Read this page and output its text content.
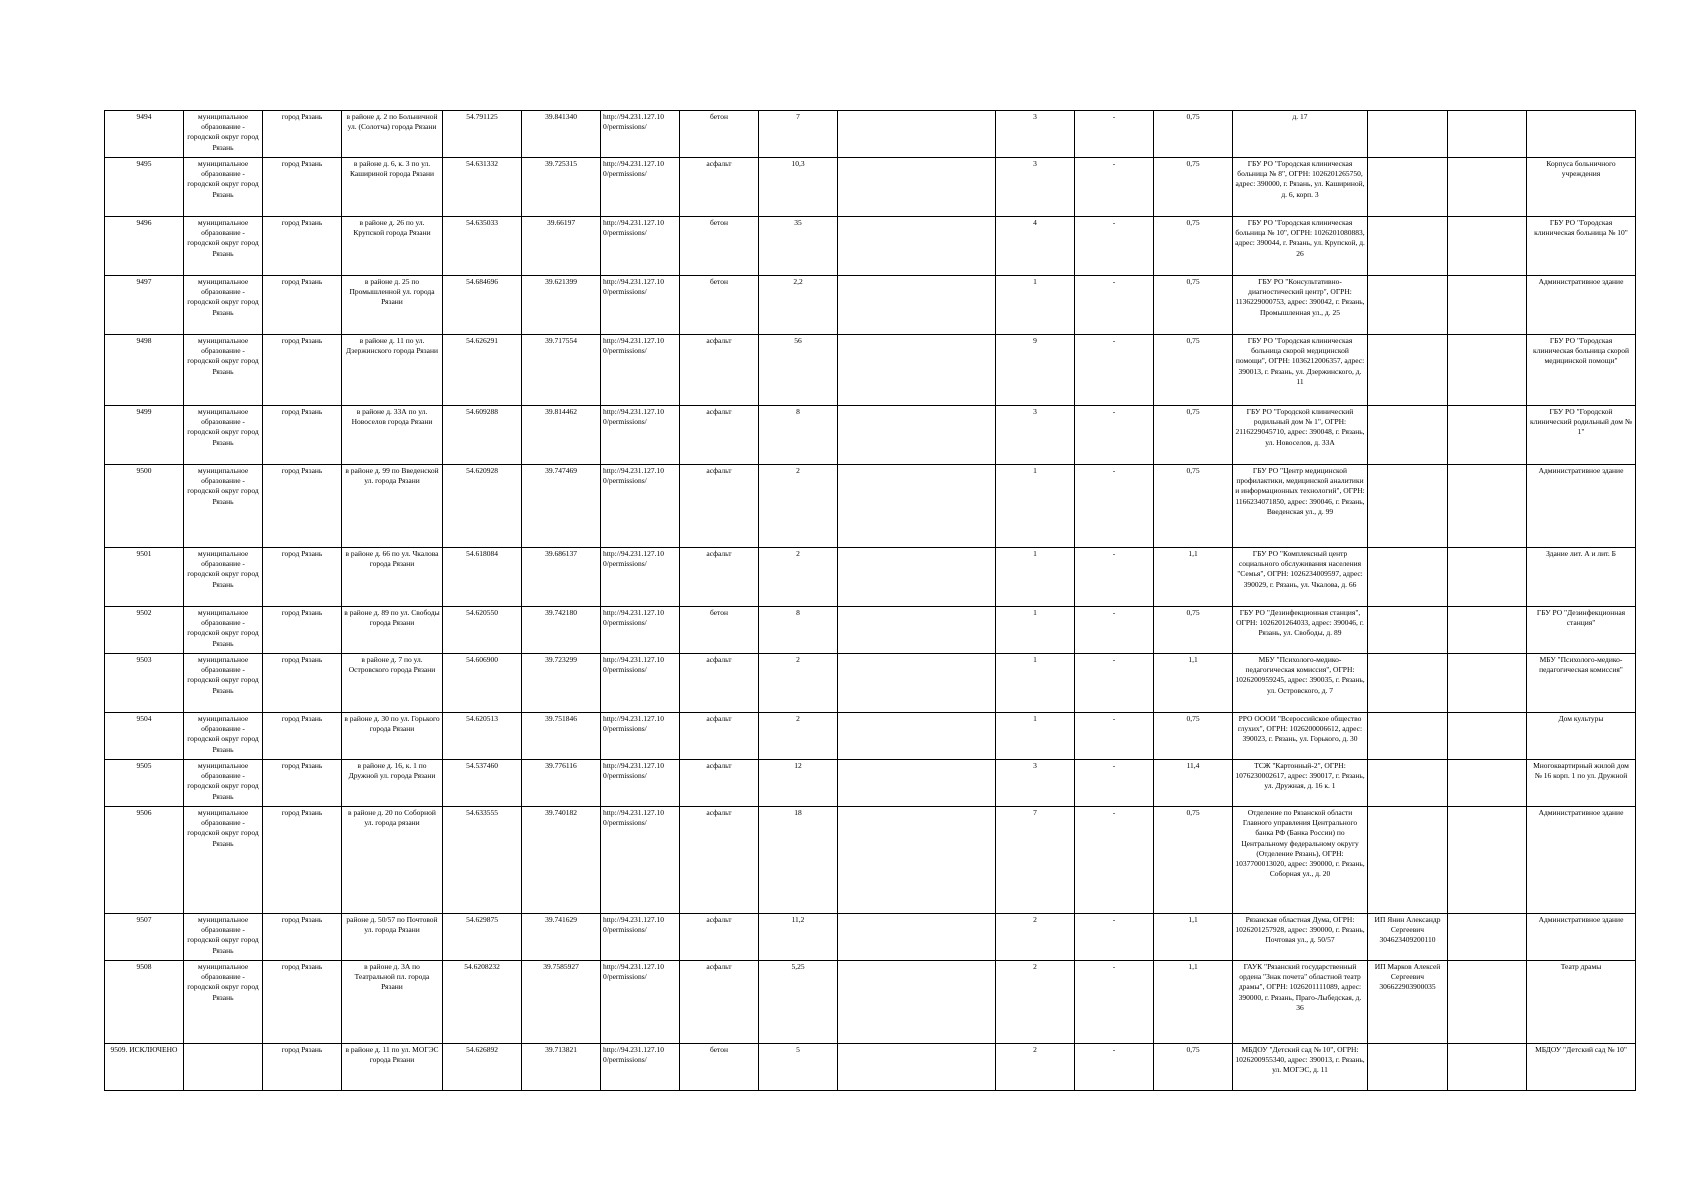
9494	муниципальное образование - городской округ город Рязань	город Рязань	в районе д. 2 по Больничной ул. (Солотча) города Рязани	54.791125	39.841340	http://94.231.127.10 0/permissions/	бетон	7		3	-	0,75	д. 17			
9495	муниципальное образование - городской округ город Рязань	город Рязань	в районе д. 6, к. 3 по ул. Кашириной города Рязани	54.631332	39.725315	http://94.231.127.10 0/permissions/	асфальт	10,3		3	-	0,75	ГБУ РО "Городская клиническая больница № 8", ОГРН: 1026201265750, адрес: 390000, г. Рязань, ул. Кашириной, д. 6, корп. 3			Корпуса больничного учреждения
9496	муниципальное образование - городской округ город Рязань	город Рязань	в районе д. 26 по ул. Крупской города Рязани	54.635033	39.66197	http://94.231.127.10 0/permissions/	бетон	35		4	-	0,75	ГБУ РО "Городская клиническая больница № 10", ОГРН: 1026201080883, адрес: 390044, г. Рязань, ул. Крупской, д. 26			ГБУ РО "Городская клиническая больница № 10"
9497	муниципальное образование - городской округ город Рязань	город Рязань	в районе д. 25 по Промышленной ул. города Рязани	54.684696	39.621399	http://94.231.127.10 0/permissions/	бетон	2,2		1	-	0,75	ГБУ РО "Консультативно-диагностический центр", ОГРН: 1136229000753, адрес: 390042, г. Рязань, Промышленная ул., д. 25			Административное здание
9498	муниципальное образование - городской округ город Рязань	город Рязань	в районе д. 11 по ул. Дзержинского города Рязани	54.626291	39.717554	http://94.231.127.10 0/permissions/	асфальт	56		9	-	0,75	ГБУ РО "Городская клиническая больница скорой медицинской помощи", ОГРН: 1036212006357, адрес: 390013, г. Рязань, ул. Дзержинского, д. 11			ГБУ РО "Городская клиническая больница скорой медицинской помощи"
9499	муниципальное образование - городской округ город Рязань	город Рязань	в районе д. 33А по ул. Новоселов города Рязани	54.609288	39.814462	http://94.231.127.10 0/permissions/	асфальт	8		3	-	0,75	ГБУ РО "Городской клинический родильный дом № 1", ОГРН: 2116229045710, адрес: 390048, г. Рязань, ул. Новоселов, д. 33А			ГБУ РО "Городской клинический родильный дом № 1"
9500	муниципальное образование - городской округ город Рязань	город Рязань	в районе д. 99 по Введенской ул. города Рязани	54.620928	39.747469	http://94.231.127.10 0/permissions/	асфальт	2		1	-	0,75	ГБУ РО "Центр медицинской профилактики, медицинской аналитики и информационных технологий", ОГРН: 1166234071850, адрес: 390046, г. Рязань, Введенская ул., д. 99			Административное здание
9501	муниципальное образование - городской округ город Рязань	город Рязань	в районе д. 66 по ул. Чкалова города Рязани	54.618084	39.686137	http://94.231.127.10 0/permissions/	асфальт	2		1	-	1,1	ГБУ РО "Комплексный центр социального обслуживания населения "Семья", ОГРН: 1026234009597, адрес: 390029, г. Рязань, ул. Чкалова, д. 66			Здание лит. А и лит. Б
9502	муниципальное образование - городской округ город Рязань	город Рязань	в районе д. 89 по ул. Свободы города Рязани	54.620550	39.742180	http://94.231.127.10 0/permissions/	бетон	8		1	-	0,75	ГБУ РО "Дезинфекционная станция", ОГРН: 1026201264033, адрес: 390046, г. Рязань, ул. Свободы, д. 89			ГБУ РО "Дезинфекционная станция"
9503	муниципальное образование - городской округ город Рязань	город Рязань	в районе д. 7 по ул. Островского города Рязани	54.606900	39.723299	http://94.231.127.10 0/permissions/	асфальт	2		1	-	1,1	МБУ "Психолого-медико-педагогическая комиссия", ОГРН: 1026200959245, адрес: 390035, г. Рязань, ул. Островского, д. 7			МБУ "Психолого-медико-педагогическая комиссия"
9504	муниципальное образование - городской округ город Рязань	город Рязань	в районе д. 30 по ул. Горького города Рязани	54.620513	39.751846	http://94.231.127.10 0/permissions/	асфальт	2		1	-	0,75	РРО ОООИ "Всероссийское общество глухих", ОГРН: 1026200006612, адрес: 390023, г. Рязань, ул. Горького, д. 30			Дом культуры
9505	муниципальное образование - городской округ город Рязань	город Рязань	в районе д. 16, к. 1 по Дружной ул. города Рязани	54.537460	39.776116	http://94.231.127.10 0/permissions/	асфальт	12		3	-	11,4	ТСЖ "Картонный-2", ОГРН: 1076230002617, адрес: 390017, г. Рязань, ул. Дружная, д. 16 к. 1			Многоквартирный жилой дом № 16 корп. 1 по ул. Дружной
9506	муниципальное образование - городской округ город Рязань	город Рязань	в районе д. 20 по Соборной ул. города рязани	54.633555	39.740182	http://94.231.127.10 0/permissions/	асфальт	18		7	-	0,75	Отделение по Рязанской области Главного управления Центрального банка РФ (Банка России) по Центральному федеральному округу (Отделение Рязань), ОГРН: 1037700013020, адрес: 390000, г. Рязань, Соборная ул., д. 20			Административное здание
9507	муниципальное образование - городской округ город Рязань	город Рязань	районе д. 50/57 по Почтовой ул. города Рязани	54.629875	39.741629	http://94.231.127.10 0/permissions/	асфальт	11,2		2	-	1,1	Рязанская областная Дума, ОГРН: 1026201257928, адрес: 390000, г. Рязань, Почтовая ул., д. 50/57	ИП Янин Александр Сергеевич 304623409200110		Административное здание
9508	муниципальное образование - городской округ город Рязань	город Рязань	в районе д. 3А по Театральной пл. города Рязани	54.6208232	39.7585927	http://94.231.127.10 0/permissions/	асфальт	5,25		2	-	1,1	ГАУК "Рязанский государственный ордена "Знак почета" областной театр драмы", ОГРН: 1026201111089, адрес: 390000, г. Рязань, Праго-Лыбедская, д. 36	ИП Марков Алексей Сергеевич 306622903900035		Театр драмы
9509. ИСКЛЮЧЕНО		город Рязань	в районе д. 11 по ул. МОГЭС города Рязани	54.626892	39.713821	http://94.231.127.10 0/permissions/	бетон	5		2	-	0,75	МБДОУ "Детский сад № 10", ОГРН: 1026200955340, адрес: 390013, г. Рязань, ул. МОГЭС, д. 11			МБДОУ "Детский сад № 10"
